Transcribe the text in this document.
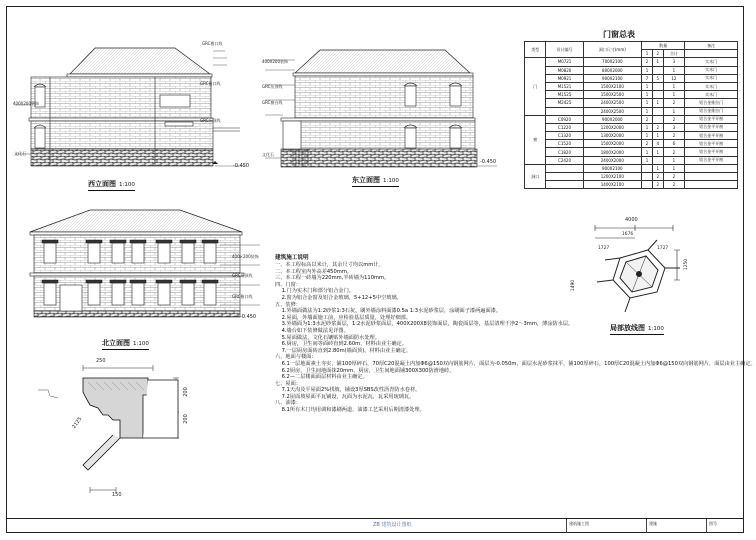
400X200装饰
GRC檐口线
GRC檐口线
GRC压顶线
文化石
-0.450
西立面图 1:100
400X200装饰
GRC压顶线
GRC窗台线
文化石
-0.450
东立面图 1:100
门窗总表
类型	设计编号	洞口尺寸(mm)	数量			备注
			1	2	合计	
门	M0721	700X2100	2	1	3	实木门
	M0820	800X2000	1		1	实木门
	M0921	900X2100	7	5	12	实木门
	M1521	1500X2100	1		1	实木门
	M1525	1500X2500	1		1	实木门
	M2425	2400X2500	1	1	2	铝合金推拉门
		2400X2500	1		1	铝合金推拉门
窗	C0920	900X2000	2		2	铝合金平开窗
	C1220	1200X2000	1	2	3	铝合金平开窗
	C1320	1300X2000	1	1	2	铝合金平开窗
	C1520	1500X2000	2	4	6	铝合金平开窗
	C1820	1800X2000	1	1	2	铝合金平开窗
	C2420	2400X2000	1		1	铝合金平开窗
洞口		900X2100		1	1	
		1200X2100		2	2	
		1400X2100		2	2	
400×200装饰
GRC压顶线
GRC檐口线
-0.450
北立面图 1:100
4000
1676
1727	1727
1250
1490
局部放线图 1:100
建筑施工说明
一、本工程标高以米计，其余尺寸均以mm计。
二、本工程室内外高差450mm。
三、本工程一砖墙为220mm,半砖墙为110mm。
四、门窗：
1.门为实木门和部分铝合金门。
2.窗为铝合金窗及铝合金玻璃，5+12+5中空玻璃。
五、装修：
1.外墙面做法为1:2砂浆1:3石灰，刷外墙涂料面漆0.5a 1:3水泥砂浆层，涂刷面子漆两遍面漆。
2.屋面，外墙面施工前，应检验基层质量，处理好细部。
3.外墙面为1:3水泥砂浆面层，1:2水泥砂浆面层，400X200X8装饰面层，陶瓷面层等，基层清理干净2～3mm，薄涂防水层。
4.墙台如下装修做法见详图。
5.屋面做法，文化石镶贴外墙面防水处理。
6.厨房，卫生间等面砖直到2.60m，材料由业主确定。
7.一层厨房面砖直到2.80m(墙面顶)，材料由业主确定。
六、地面与楼面：
6.1一层地面素土夯实，铺100厚碎石，70厚C20混凝土内加Φ6@150双向钢筋网片，面层为-0.050m，面层水泥砂浆抹平，铺100厚碎石，100厚C20混凝土内加Φ6@150双向钢筋网片，面层由业主确定。
6.2厨房，卫生间地面抹20mm，厨房，卫生间地面铺300X300防滑地砖。
6.2—二层楼面面层材料由业主确定。
七、屋面：
7.1天沟及平屋面2%找坡，铺设3厚SBS改性沥青防水卷材。
7.2屋面坡屋面平瓦铺设，瓦面为水泥瓦，瓦采用琉璃瓦。
八、油漆：
8.1所有木门均用调和漆刷两道，油漆工艺采用后期清漆处理。
250
2125
200
200
150
ZB 建筑设计图纸	建筑施工图	建施	图号
